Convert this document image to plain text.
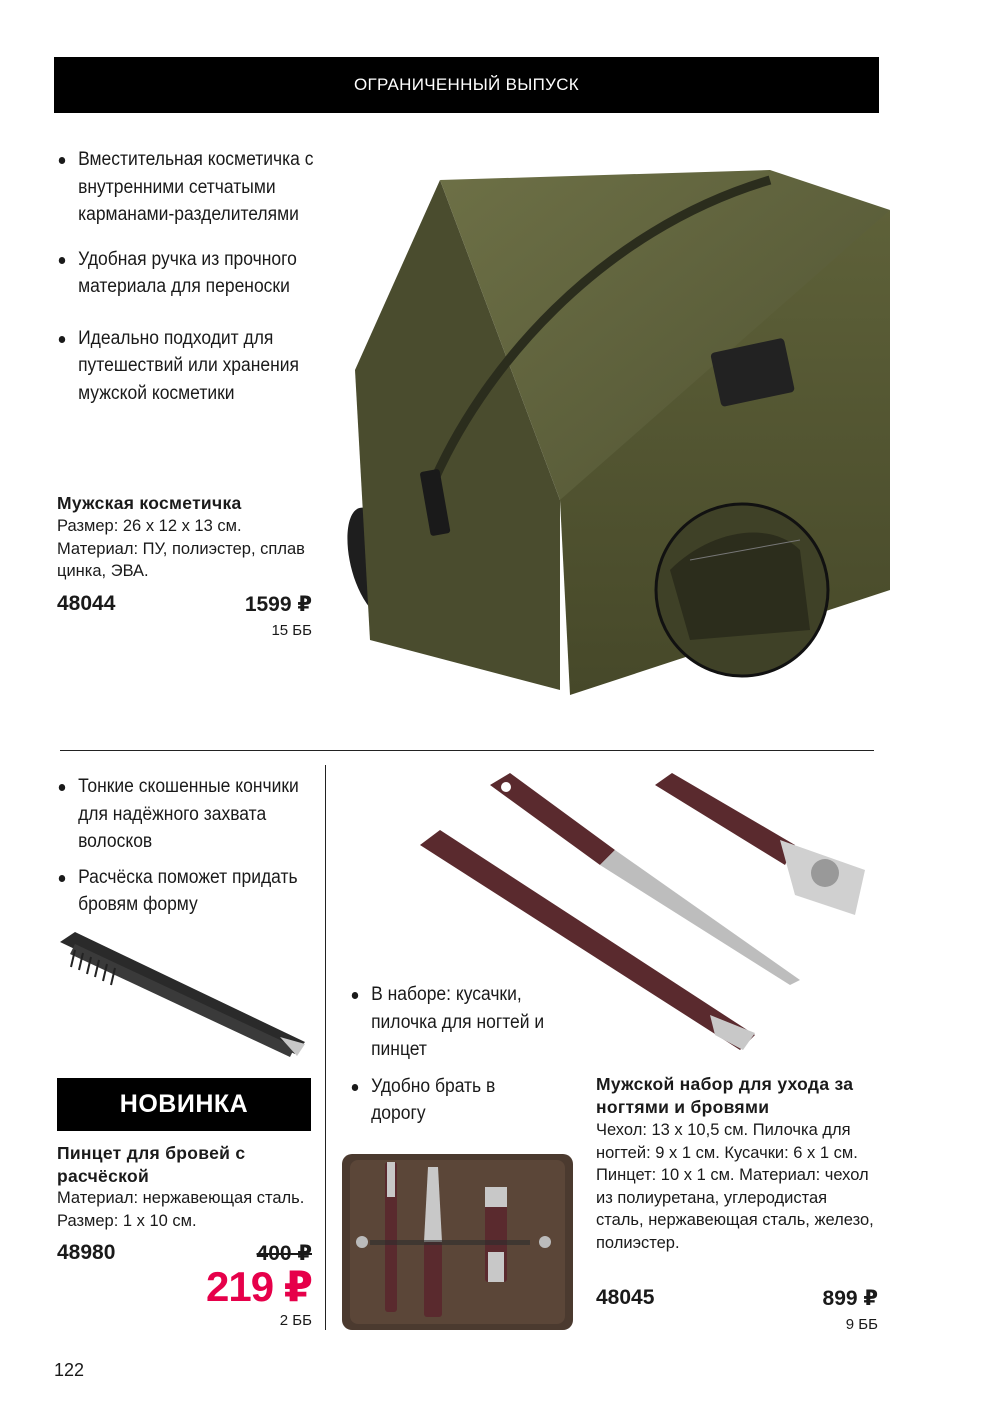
ОГРАНИЧЕННЫЙ ВЫПУСК
Вместительная косметичка с внутренними сетчатыми карманами-разделителями
Удобная ручка из прочного материала для переноски
Идеально подходит для путешествий или хранения мужской косметики
Мужская косметичка
Размер: 26 x 12 x 13 см. Материал: ПУ, полиэстер, сплав цинка, ЭВА.
48044	1599 ₽
15 ББ
Тонкие скошенные кончики для надёжного захвата волосков
Расчёска поможет придать бровям форму
НОВИНКА
Пинцет для бровей с расчёской
Материал: нержавеющая сталь. Размер: 1 x 10 см.
48980	400 ₽
219 ₽
2 ББ
В наборе: кусачки, пилочка для ногтей и пинцет
Удобно брать в дорогу
Мужской набор для ухода за ногтями и бровями
Чехол: 13 x 10,5 см. Пилочка для ногтей: 9 x 1 см. Кусачки: 6 x 1 см. Пинцет: 10 x 1 см. Материал: чехол из полиуретана, углеродистая сталь, нержавеющая сталь, железо, полиэстер.
48045	899 ₽
9 ББ
122
